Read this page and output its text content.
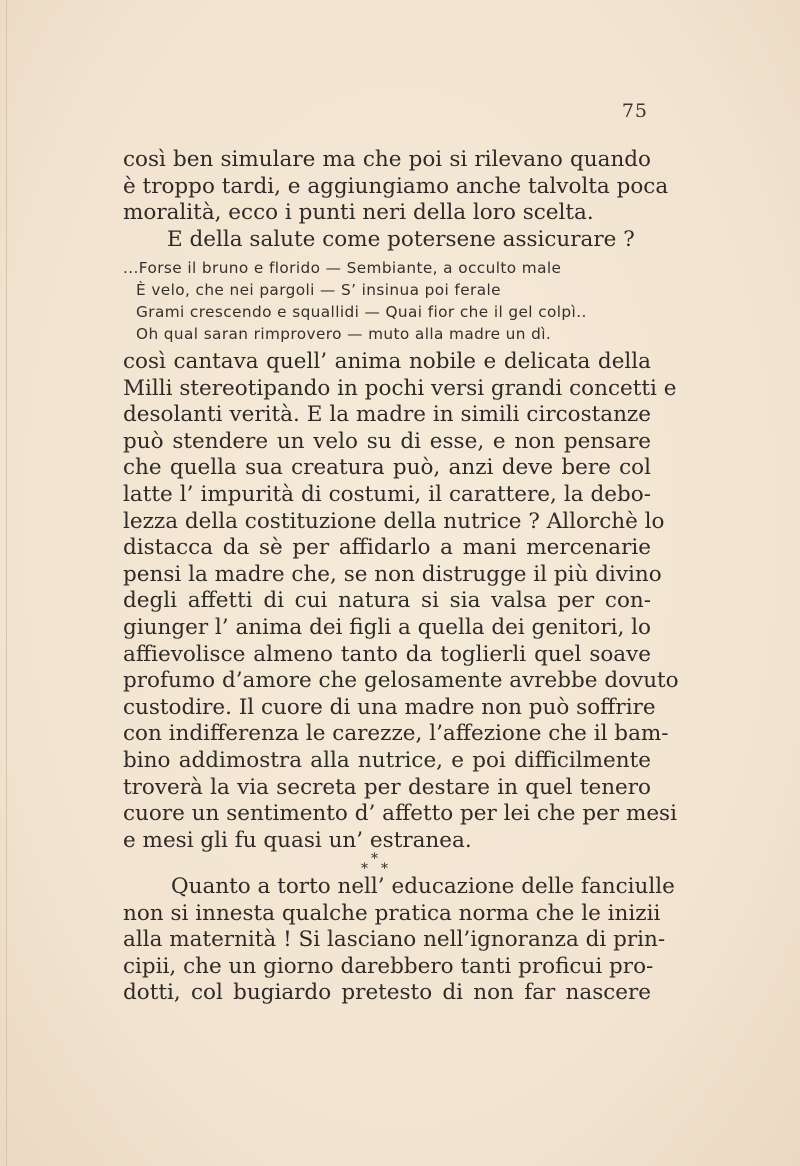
75
così ben simulare ma che poi si rilevano quando
è troppo tardi, e aggiungiamo anche talvolta poca
moralità, ecco i punti neri della loro scelta.
E della salute come potersene assicurare ?
...Forse il bruno e florido — Sembiante, a occulto male
È velo, che nei pargoli — S’ insinua poi ferale
Grami crescendo e squallidi — Quai fior che il gel colpì..
Oh qual saran rimprovero — muto alla madre un dì.
così cantava quell’ anima nobile e delicata della
Milli stereotipando in pochi versi grandi concetti e
desolanti verità. E la madre in simili circostanze
può stendere un velo su di esse, e non pensare
che quella sua creatura può, anzi deve bere col
latte l’ impurità di costumi, il carattere, la debo-
lezza della costituzione della nutrice ? Allorchè lo
distacca da sè per affidarlo a mani mercenarie
pensi la madre che, se non distrugge il più divino
degli affetti di cui natura si sia valsa per con-
giunger l’ anima dei figli a quella dei genitori, lo
affievolisce almeno tanto da toglierli quel soave
profumo d’amore che gelosamente avrebbe dovuto
custodire. Il cuore di una madre non può soffrire
con indifferenza le carezze, l’affezione che il bam-
bino addimostra alla nutrice, e poi difficilmente
troverà la via secreta per destare in quel tenero
cuore un sentimento d’ affetto per lei che per mesi
e mesi gli fu quasi un’ estranea.
*
* *
Quanto a torto nell’ educazione delle fanciulle
non si innesta qualche pratica norma che le inizii
alla maternità ! Si lasciano nell’ignoranza di prin-
cipii, che un giorno darebbero tanti proficui pro-
dotti, col bugiardo pretesto di non far nascere
